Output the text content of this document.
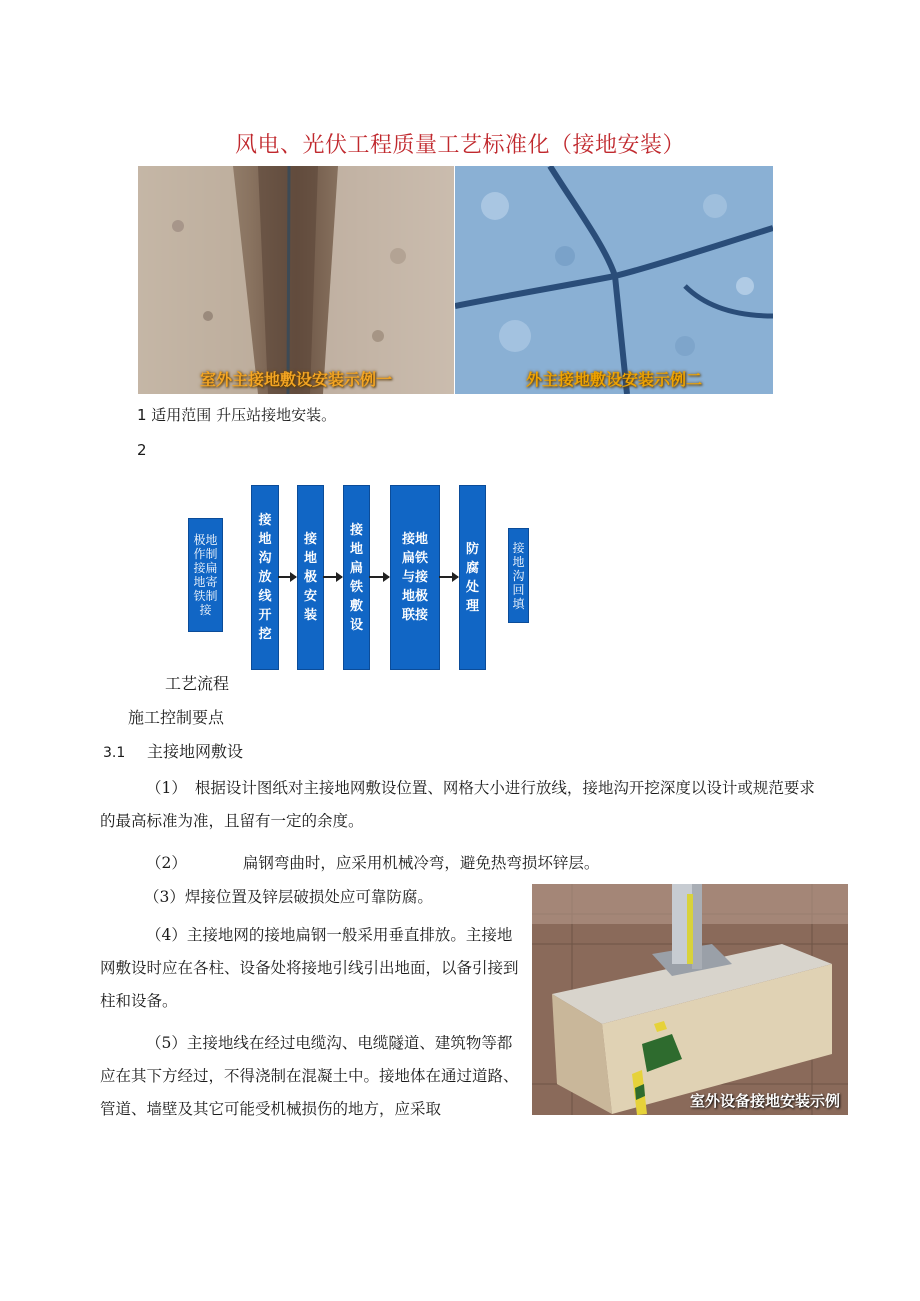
风电、光伏工程质量工艺标准化（接地安装）
室外主接地敷设安装示例一	外主接地敷设安装示例二
1 适用范围 升压站接地安装。
2
极地作制接扁地寄铁制接
接地沟放线开挖
接地极安装
接地扁铁敷设
接地扁铁与接地极联接
防腐处理
接地沟回填
工艺流程
施工控制要点
3.1 主接地网敷设
（1） 根据设计图纸对主接地网敷设位置、网格大小进行放线，接地沟开挖深度以设计或规范要求的最高标准为准，且留有一定的余度。
（2）	扁钢弯曲时，应采用机械冷弯，避免热弯损坏锌层。
（3）焊接位置及锌层破损处应可靠防腐。
（4）主接地网的接地扁钢一般采用垂直排放。主接地网敷设时应在各柱、设备处将接地引线引出地面，以备引接到柱和设备。
（5）主接地线在经过电缆沟、电缆隧道、建筑物等都应在其下方经过，不得浇制在混凝土中。接地体在通过道路、管道、墙壁及其它可能受机械损伤的地方，应采取	室外设备接地安装示例
